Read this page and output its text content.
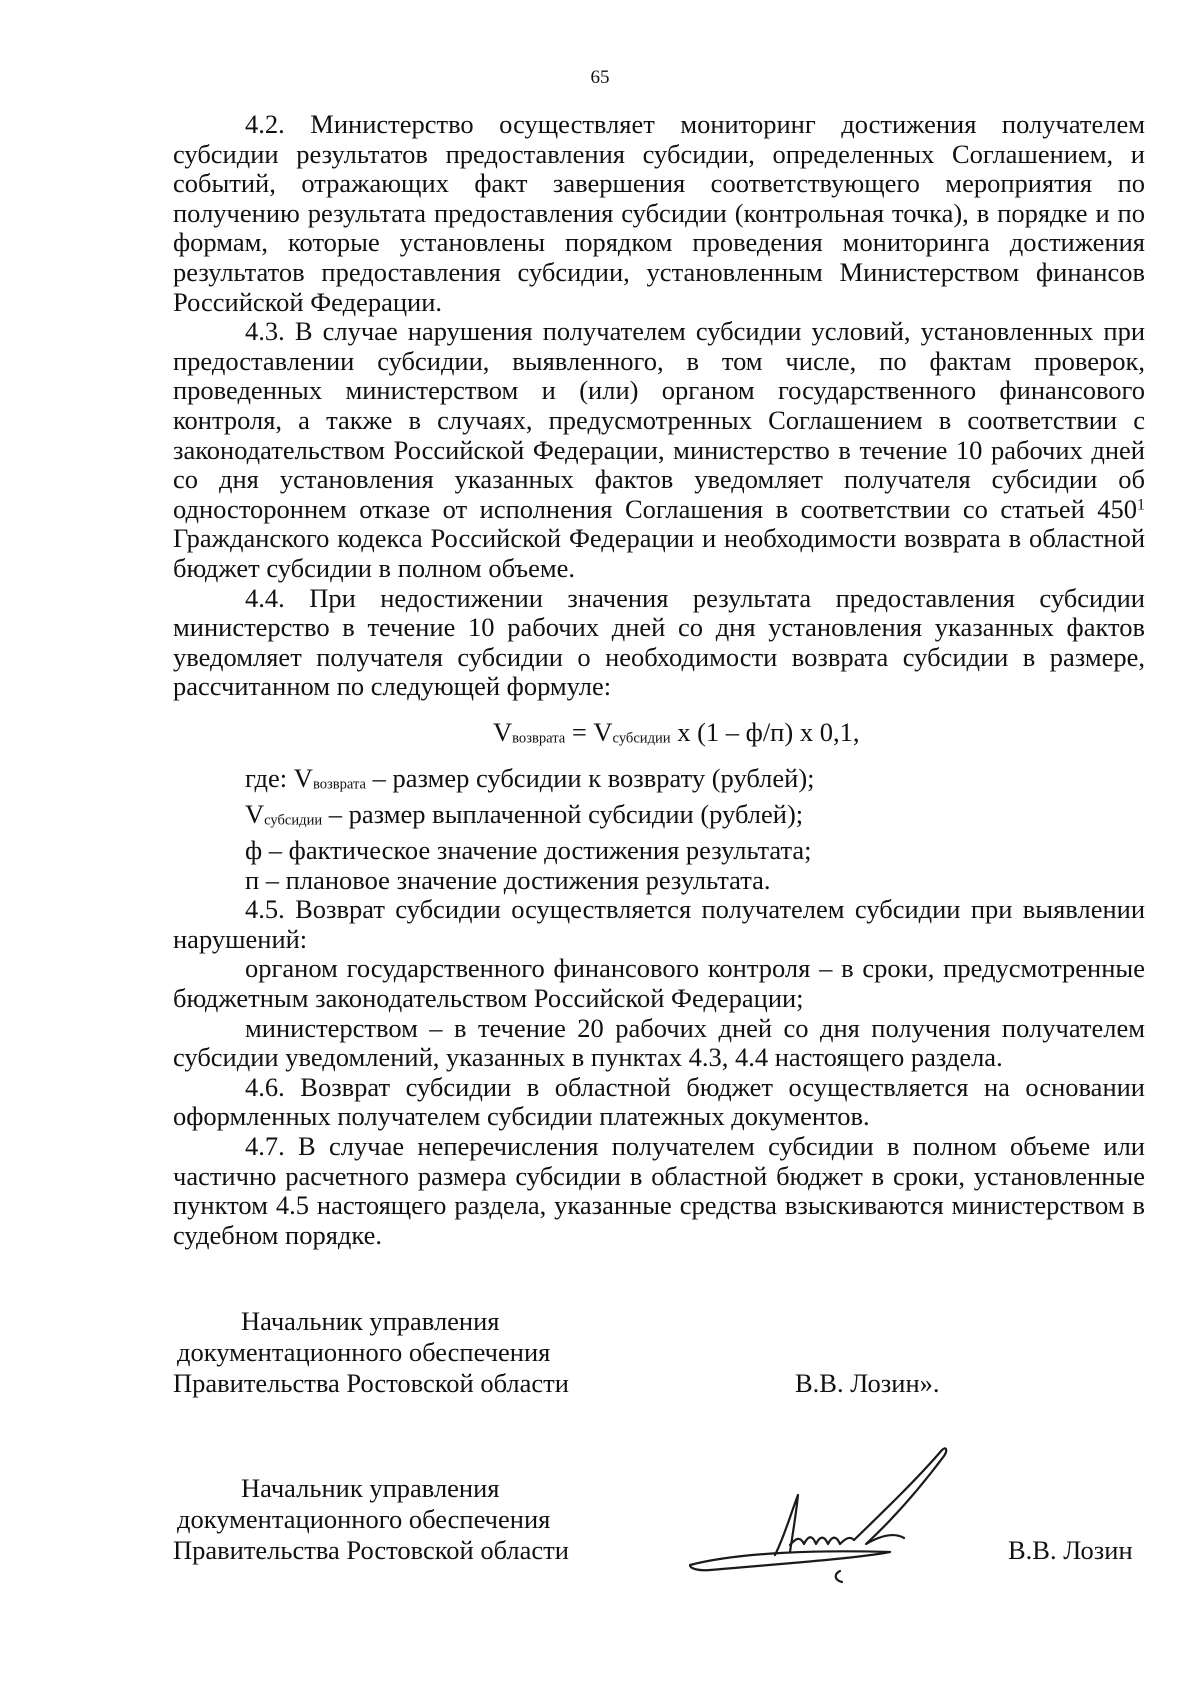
65

4.2. Министерство осуществляет мониторинг достижения получателем субсидии результатов предоставления субсидии, определенных Соглашением, и событий, отражающих факт завершения соответствующего мероприятия по получению результата предоставления субсидии (контрольная точка), в порядке и по формам, которые установлены порядком проведения мониторинга достижения результатов предоставления субсидии, установленным Министерством финансов Российской Федерации.

4.3. В случае нарушения получателем субсидии условий, установленных при предоставлении субсидии, выявленного, в том числе, по фактам проверок, проведенных министерством и (или) органом государственного финансового контроля, а также в случаях, предусмотренных Соглашением в соответствии с законодательством Российской Федерации, министерство в течение 10 рабочих дней со дня установления указанных фактов уведомляет получателя субсидии об одностороннем отказе от исполнения Соглашения в соответствии со статьей $450^1$ Гражданского кодекса Российской Федерации и необходимости возврата в областной бюджет субсидии в полном объеме.

4.4. При недостижении значения результата предоставления субсидии министерство в течение 10 рабочих дней со дня установления указанных фактов уведомляет получателя субсидии о необходимости возврата субсидии в размере, рассчитанном по следующей формуле:

Vвозврата = Vсубсидии х (1 – ф/п) х 0,1,
где: Vвозврата – размер субсидии к возврату (рублей);
Vсубсидии – размер выплаченной субсидии (рублей);
ф – фактическое значение достижения результата;
п – плановое значение достижения результата.

4.5. Возврат субсидии осуществляется получателем субсидии при выявлении нарушений:

органом государственного финансового контроля – в сроки, предусмотренные бюджетным законодательством Российской Федерации;

министерством – в течение 20 рабочих дней со дня получения получателем субсидии уведомлений, указанных в пунктах 4.3, 4.4 настоящего раздела.

4.6. Возврат субсидии в областной бюджет осуществляется на основании оформленных получателем субсидии платежных документов.

4.7. В случае неперечисления получателем субсидии в полном объеме или частично расчетного размера субсидии в областной бюджет в сроки, установленные пунктом 4.5 настоящего раздела, указанные средства взыскиваются министерством в судебном порядке.

Начальник управления
документационного обеспечения
Правительства Ростовской области	В.В. Лозин».
Начальник управления
документационного обеспечения
Правительства Ростовской области	В.В. Лозин
